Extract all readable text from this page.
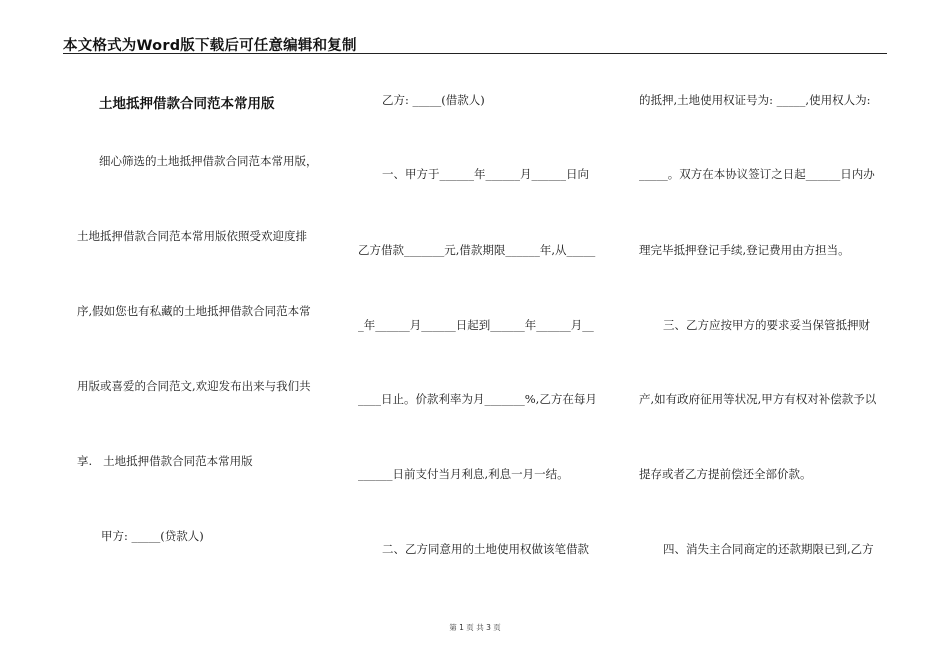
本文格式为Word版下载后可任意编辑和复制
土地抵押借款合同范本常用版
细心筛选的土地抵押借款合同范本常用版，
土地抵押借款合同范本常用版依照受欢迎度排
序,假如您也有私藏的土地抵押借款合同范本常
用版或喜爱的合同范文,欢迎发布出来与我们共
享.   土地抵押借款合同范本常用版
甲方: _____(贷款人)
乙方: _____(借款人)
一、甲方于______年______月______日向
乙方借款_______元,借款期限______年,从_____
_年______月______日起到______年______月__
____日止。价款利率为月_______%,乙方在每月
______日前支付当月利息,利息一月一结。
二、乙方同意用的土地使用权做该笔借款
的抵押,土地使用权证号为: _____,使用权人为:
_____。双方在本协议签订之日起______日内办
理完毕抵押登记手续,登记费用由方担当。
三、乙方应按甲方的要求妥当保管抵押财
产,如有政府征用等状况,甲方有权对补偿款予以
提存或者乙方提前偿还全部价款。
四、消失主合同商定的还款期限已到,乙方
第 1 页 共 3 页
